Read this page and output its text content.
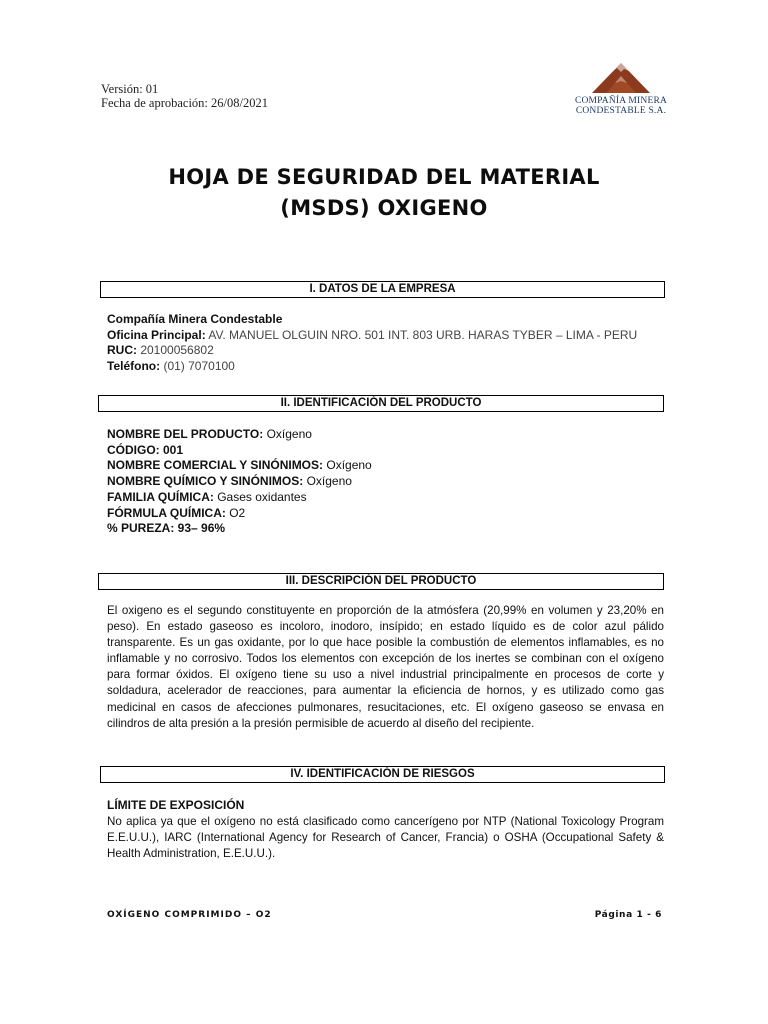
Versión: 01
Fecha de aprobación: 26/08/2021	COMPAÑÍA MINERA
CONDESTABLE S.A.
HOJA DE SEGURIDAD DEL MATERIAL
(MSDS) OXIGENO
I. DATOS DE LA EMPRESA
Compañía Minera Condestable
Oficina Principal: AV. MANUEL OLGUIN NRO. 501 INT. 803 URB. HARAS TYBER – LIMA - PERU
RUC: 20100056802
Teléfono: (01) 7070100
II. IDENTIFICACIÓN DEL PRODUCTO
NOMBRE DEL PRODUCTO: Oxígeno
CÓDIGO: 001
NOMBRE COMERCIAL Y SINÓNIMOS: Oxígeno
NOMBRE QUÍMICO Y SINÓNIMOS: Oxígeno
FAMILIA QUÍMICA: Gases oxidantes
FÓRMULA QUÍMICA: O2
% PUREZA: 93– 96%
III. DESCRIPCIÓN DEL PRODUCTO
El oxigeno es el segundo constituyente en proporción de la atmósfera (20,99% en volumen y 23,20% en peso). En estado gaseoso es incoloro, inodoro, insípido; en estado líquido es de color azul pálido transparente. Es un gas oxidante, por lo que hace posible la combustión de elementos inflamables, es no inflamable y no corrosivo. Todos los elementos con excepción de los inertes se combinan con el oxígeno para formar óxidos. El oxígeno tiene su uso a nivel industrial principalmente en procesos de corte y soldadura, acelerador de reacciones, para aumentar la eficiencia de hornos, y es utilizado como gas medicinal en casos de afecciones pulmonares, resucitaciones, etc. El oxígeno gaseoso se envasa en cilindros de alta presión a la presión permisible de acuerdo al diseño del recipiente.
IV. IDENTIFICACIÓN DE RIESGOS
LÍMITE DE EXPOSICIÓN
No aplica ya que el oxígeno no está clasificado como cancerígeno por NTP (National Toxicology Program E.E.U.U.), IARC (International Agency for Research of Cancer, Francia) o OSHA (Occupational Safety & Health Administration, E.E.U.U.).
OXÍGENO COMPRIMIDO – O2	Página 1 - 6
